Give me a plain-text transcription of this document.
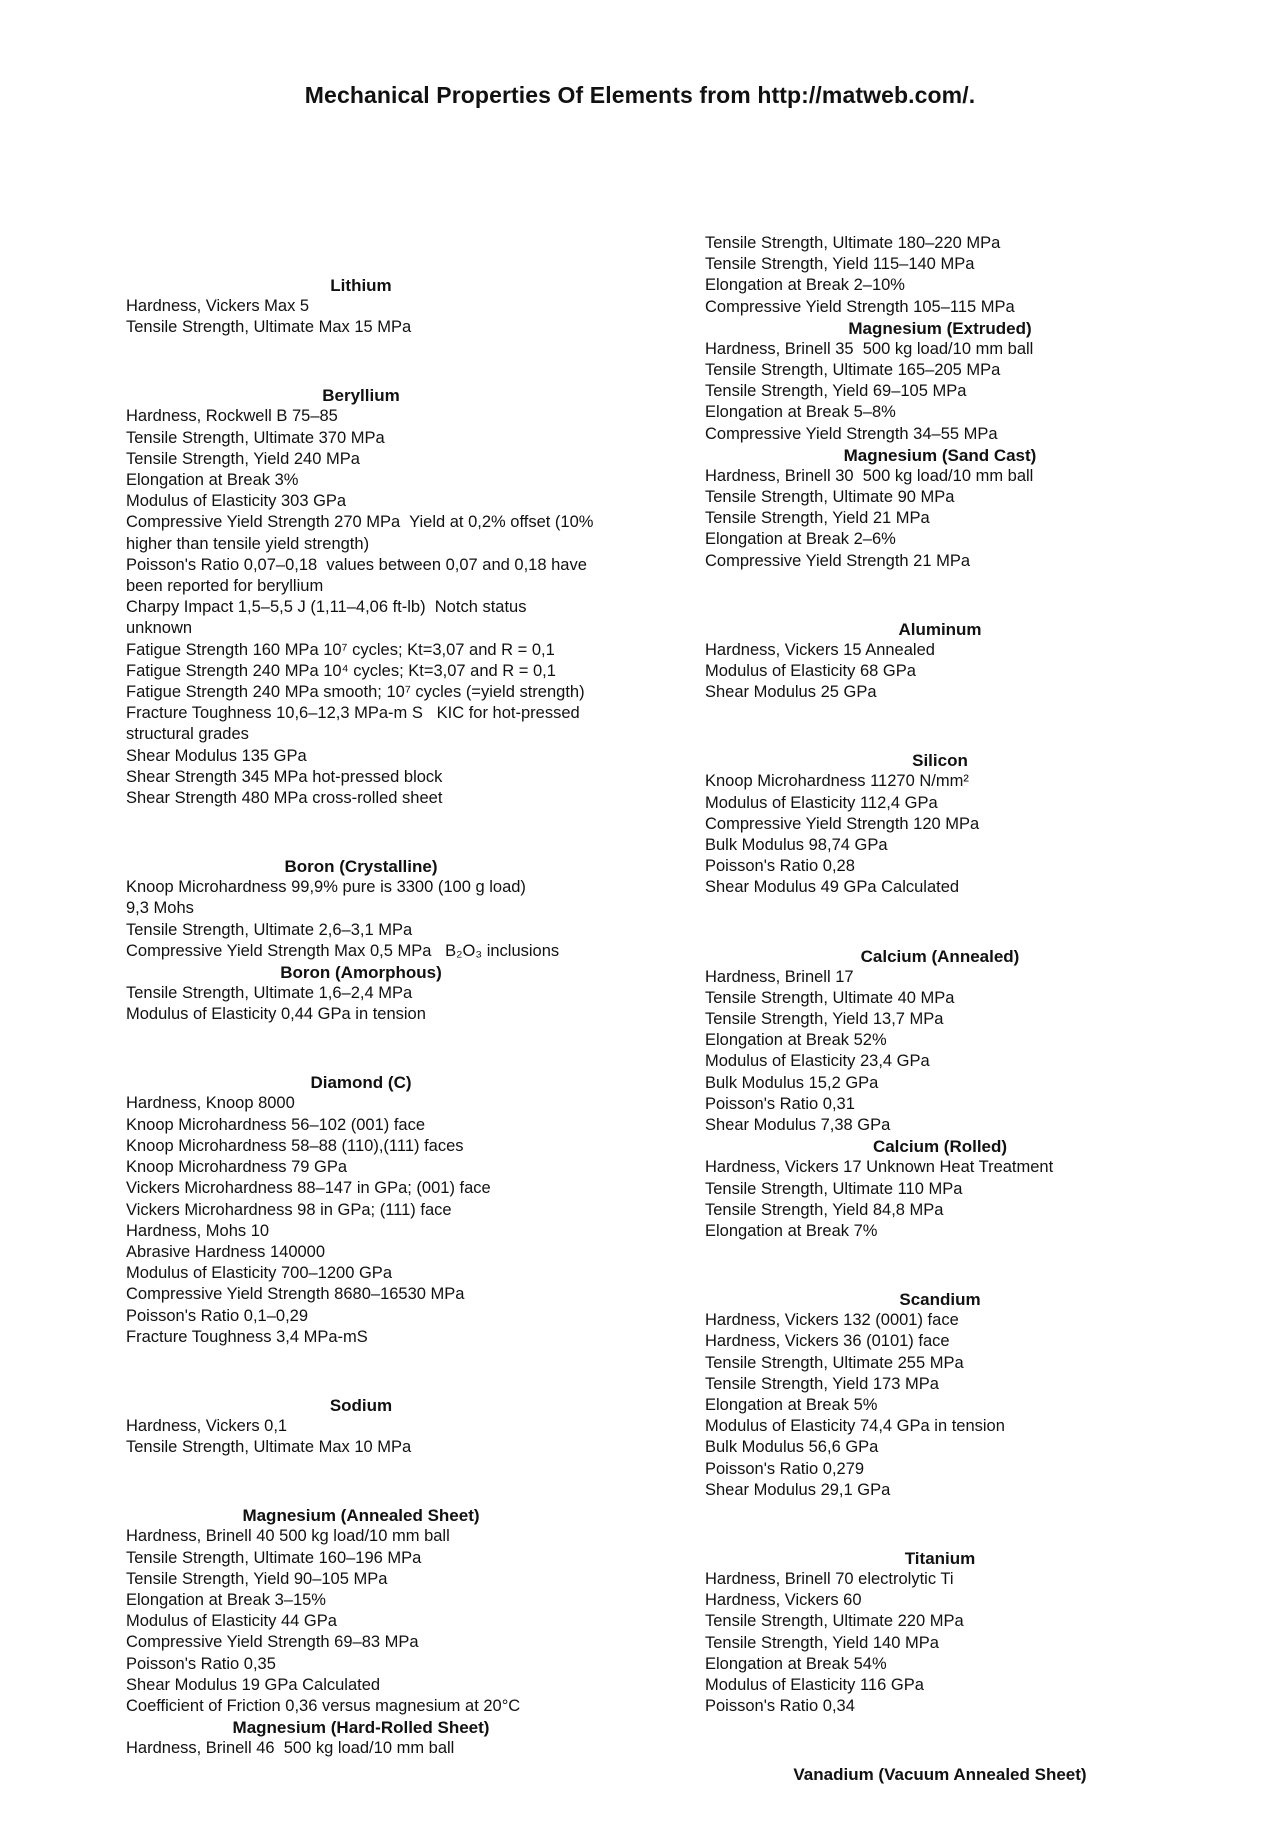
Mechanical Properties Of Elements from http://matweb.com/.
Lithium
Hardness, Vickers Max 5
Tensile Strength, Ultimate Max 15 MPa
Beryllium
Hardness, Rockwell B 75–85
Tensile Strength, Ultimate 370 MPa
Tensile Strength, Yield 240 MPa
Elongation at Break 3%
Modulus of Elasticity 303 GPa
Compressive Yield Strength 270 MPa  Yield at 0,2% offset (10% higher than tensile yield strength)
Poisson's Ratio 0,07–0,18  values between 0,07 and 0,18 have been reported for beryllium
Charpy Impact 1,5–5,5 J (1,11–4,06 ft-lb)  Notch status unknown
Fatigue Strength 160 MPa 10⁷ cycles; Kt=3,07 and R = 0,1
Fatigue Strength 240 MPa 10⁴ cycles; Kt=3,07 and R = 0,1
Fatigue Strength 240 MPa smooth; 10⁷ cycles (=yield strength)
Fracture Toughness 10,6–12,3 MPa-m S   KIC for hot-pressed structural grades
Shear Modulus 135 GPa
Shear Strength 345 MPa hot-pressed block
Shear Strength 480 MPa cross-rolled sheet
Boron (Crystalline)
Knoop Microhardness 99,9% pure is 3300 (100 g load)
9,3 Mohs
Tensile Strength, Ultimate 2,6–3,1 MPa
Compressive Yield Strength Max 0,5 MPa   B₂O₃ inclusions
Boron (Amorphous)
Tensile Strength, Ultimate 1,6–2,4 MPa
Modulus of Elasticity 0,44 GPa in tension
Diamond (C)
Hardness, Knoop 8000
Knoop Microhardness 56–102 (001) face
Knoop Microhardness 58–88 (110),(111) faces
Knoop Microhardness 79 GPa
Vickers Microhardness 88–147 in GPa; (001) face
Vickers Microhardness 98 in GPa; (111) face
Hardness, Mohs 10
Abrasive Hardness 140000
Modulus of Elasticity 700–1200 GPa
Compressive Yield Strength 8680–16530 MPa
Poisson's Ratio 0,1–0,29
Fracture Toughness 3,4 MPa-mS
Sodium
Hardness, Vickers 0,1
Tensile Strength, Ultimate Max 10 MPa
Magnesium (Annealed Sheet)
Hardness, Brinell 40 500 kg load/10 mm ball
Tensile Strength, Ultimate 160–196 MPa
Tensile Strength, Yield 90–105 MPa
Elongation at Break 3–15%
Modulus of Elasticity 44 GPa
Compressive Yield Strength 69–83 MPa
Poisson's Ratio 0,35
Shear Modulus 19 GPa Calculated
Coefficient of Friction 0,36 versus magnesium at 20°C
Magnesium (Hard-Rolled Sheet)
Hardness, Brinell 46  500 kg load/10 mm ball
Tensile Strength, Ultimate 180–220 MPa
Tensile Strength, Yield 115–140 MPa
Elongation at Break 2–10%
Compressive Yield Strength 105–115 MPa
Magnesium (Extruded)
Hardness, Brinell 35  500 kg load/10 mm ball
Tensile Strength, Ultimate 165–205 MPa
Tensile Strength, Yield 69–105 MPa
Elongation at Break 5–8%
Compressive Yield Strength 34–55 MPa
Magnesium (Sand Cast)
Hardness, Brinell 30  500 kg load/10 mm ball
Tensile Strength, Ultimate 90 MPa
Tensile Strength, Yield 21 MPa
Elongation at Break 2–6%
Compressive Yield Strength 21 MPa
Aluminum
Hardness, Vickers 15 Annealed
Modulus of Elasticity 68 GPa
Shear Modulus 25 GPa
Silicon
Knoop Microhardness 11270 N/mm²
Modulus of Elasticity 112,4 GPa
Compressive Yield Strength 120 MPa
Bulk Modulus 98,74 GPa
Poisson's Ratio 0,28
Shear Modulus 49 GPa Calculated
Calcium (Annealed)
Hardness, Brinell 17
Tensile Strength, Ultimate 40 MPa
Tensile Strength, Yield 13,7 MPa
Elongation at Break 52%
Modulus of Elasticity 23,4 GPa
Bulk Modulus 15,2 GPa
Poisson's Ratio 0,31
Shear Modulus 7,38 GPa
Calcium (Rolled)
Hardness, Vickers 17 Unknown Heat Treatment
Tensile Strength, Ultimate 110 MPa
Tensile Strength, Yield 84,8 MPa
Elongation at Break 7%
Scandium
Hardness, Vickers 132 (0001) face
Hardness, Vickers 36 (0101) face
Tensile Strength, Ultimate 255 MPa
Tensile Strength, Yield 173 MPa
Elongation at Break 5%
Modulus of Elasticity 74,4 GPa in tension
Bulk Modulus 56,6 GPa
Poisson's Ratio 0,279
Shear Modulus 29,1 GPa
Titanium
Hardness, Brinell 70 electrolytic Ti
Hardness, Vickers 60
Tensile Strength, Ultimate 220 MPa
Tensile Strength, Yield 140 MPa
Elongation at Break 54%
Modulus of Elasticity 116 GPa
Poisson's Ratio 0,34
Vanadium (Vacuum Annealed Sheet)
